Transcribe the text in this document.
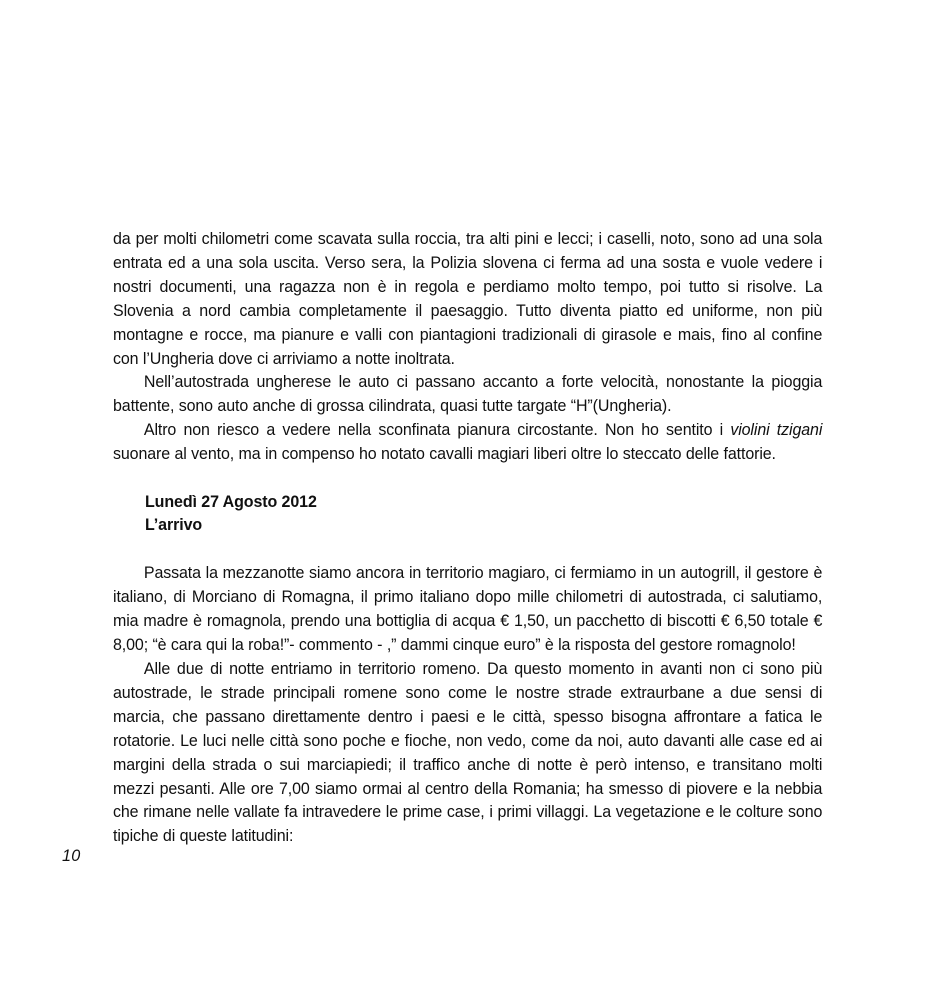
da per molti chilometri come scavata sulla roccia, tra alti pini e lecci; i caselli, noto, sono ad una sola entrata ed a una sola uscita. Verso sera, la Polizia slovena ci ferma ad una sosta e vuole vedere i nostri documenti, una ragazza non è in regola e perdiamo molto tempo, poi tutto si risolve. La Slovenia a nord cambia completamente il paesaggio. Tutto diventa piatto ed uniforme, non più montagne e rocce, ma pianure e valli con piantagioni tradizionali di girasole e mais, fino al confine con l’Ungheria dove ci arriviamo a notte inoltrata.

Nell’autostrada ungherese le auto ci passano accanto a forte velocità, nonostante la pioggia battente, sono auto anche di grossa cilindrata, quasi tutte targate “H”(Ungheria).

Altro non riesco a vedere nella sconfinata pianura circostante. Non ho sentito i violini tzigani suonare al vento, ma in compenso ho notato cavalli magiari liberi oltre lo steccato delle fattorie.

Lunedì 27 Agosto 2012

L’arrivo

Passata la mezzanotte siamo ancora in territorio magiaro, ci fermiamo in un autogrill, il gestore è italiano, di Morciano di Romagna, il primo italiano dopo mille chilometri di autostrada, ci salutiamo, mia madre è romagnola, prendo una bottiglia di acqua € 1,50, un pacchetto di biscotti € 6,50 totale € 8,00; “è cara qui la roba!”- commento - ,” dammi cinque euro” è la risposta del gestore romagnolo!

Alle due di notte entriamo in territorio romeno. Da questo momento in avanti non ci sono più autostrade, le strade principali romene sono come le nostre strade extraurbane a due sensi di marcia, che passano direttamente dentro i paesi e le città, spesso bisogna affrontare a fatica le rotatorie. Le luci nelle città sono poche e fioche, non vedo, come da noi, auto davanti alle case ed ai margini della strada o sui marciapiedi; il traffico anche di notte è però intenso, e transitano molti mezzi pesanti. Alle ore 7,00 siamo ormai al centro della Romania; ha smesso di piovere e la nebbia che rimane nelle vallate fa intravedere le prime case, i primi villaggi. La vegetazione e le colture sono tipiche di queste latitudini:

10
